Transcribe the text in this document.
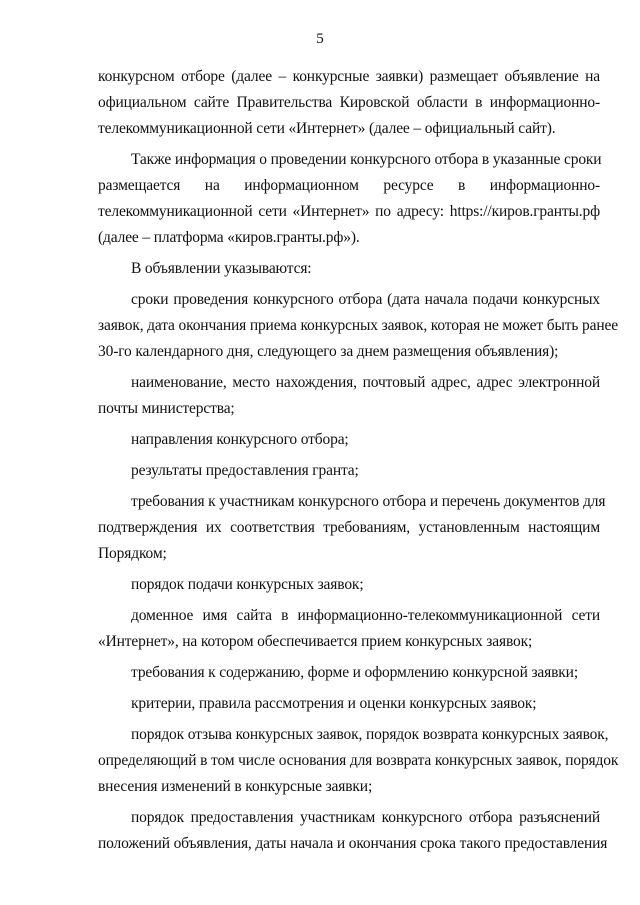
5
конкурсном отборе (далее – конкурсные заявки) размещает объявление на
официальном сайте Правительства Кировской области в информационно-
телекоммуникационной сети «Интернет» (далее – официальный сайт).
Также информация о проведении конкурсного отбора в указанные сроки
размещается на информационном ресурсе в информационно-
телекоммуникационной сети «Интернет» по адресу: https://киров.гранты.рф
(далее – платформа «киров.гранты.рф»).
В объявлении указываются:
сроки проведения конкурсного отбора (дата начала подачи конкурсных
заявок, дата окончания приема конкурсных заявок, которая не может быть ранее
30-го календарного дня, следующего за днем размещения объявления);
наименование, место нахождения, почтовый адрес, адрес электронной
почты министерства;
направления конкурсного отбора;
результаты предоставления гранта;
требования к участникам конкурсного отбора и перечень документов для
подтверждения их соответствия требованиям, установленным настоящим
Порядком;
порядок подачи конкурсных заявок;
доменное имя сайта в информационно-телекоммуникационной сети
«Интернет», на котором обеспечивается прием конкурсных заявок;
требования к содержанию, форме и оформлению конкурсной заявки;
критерии, правила рассмотрения и оценки конкурсных заявок;
порядок отзыва конкурсных заявок, порядок возврата конкурсных заявок,
определяющий в том числе основания для возврата конкурсных заявок, порядок
внесения изменений в конкурсные заявки;
порядок предоставления участникам конкурсного отбора разъяснений
положений объявления, даты начала и окончания срока такого предоставления
